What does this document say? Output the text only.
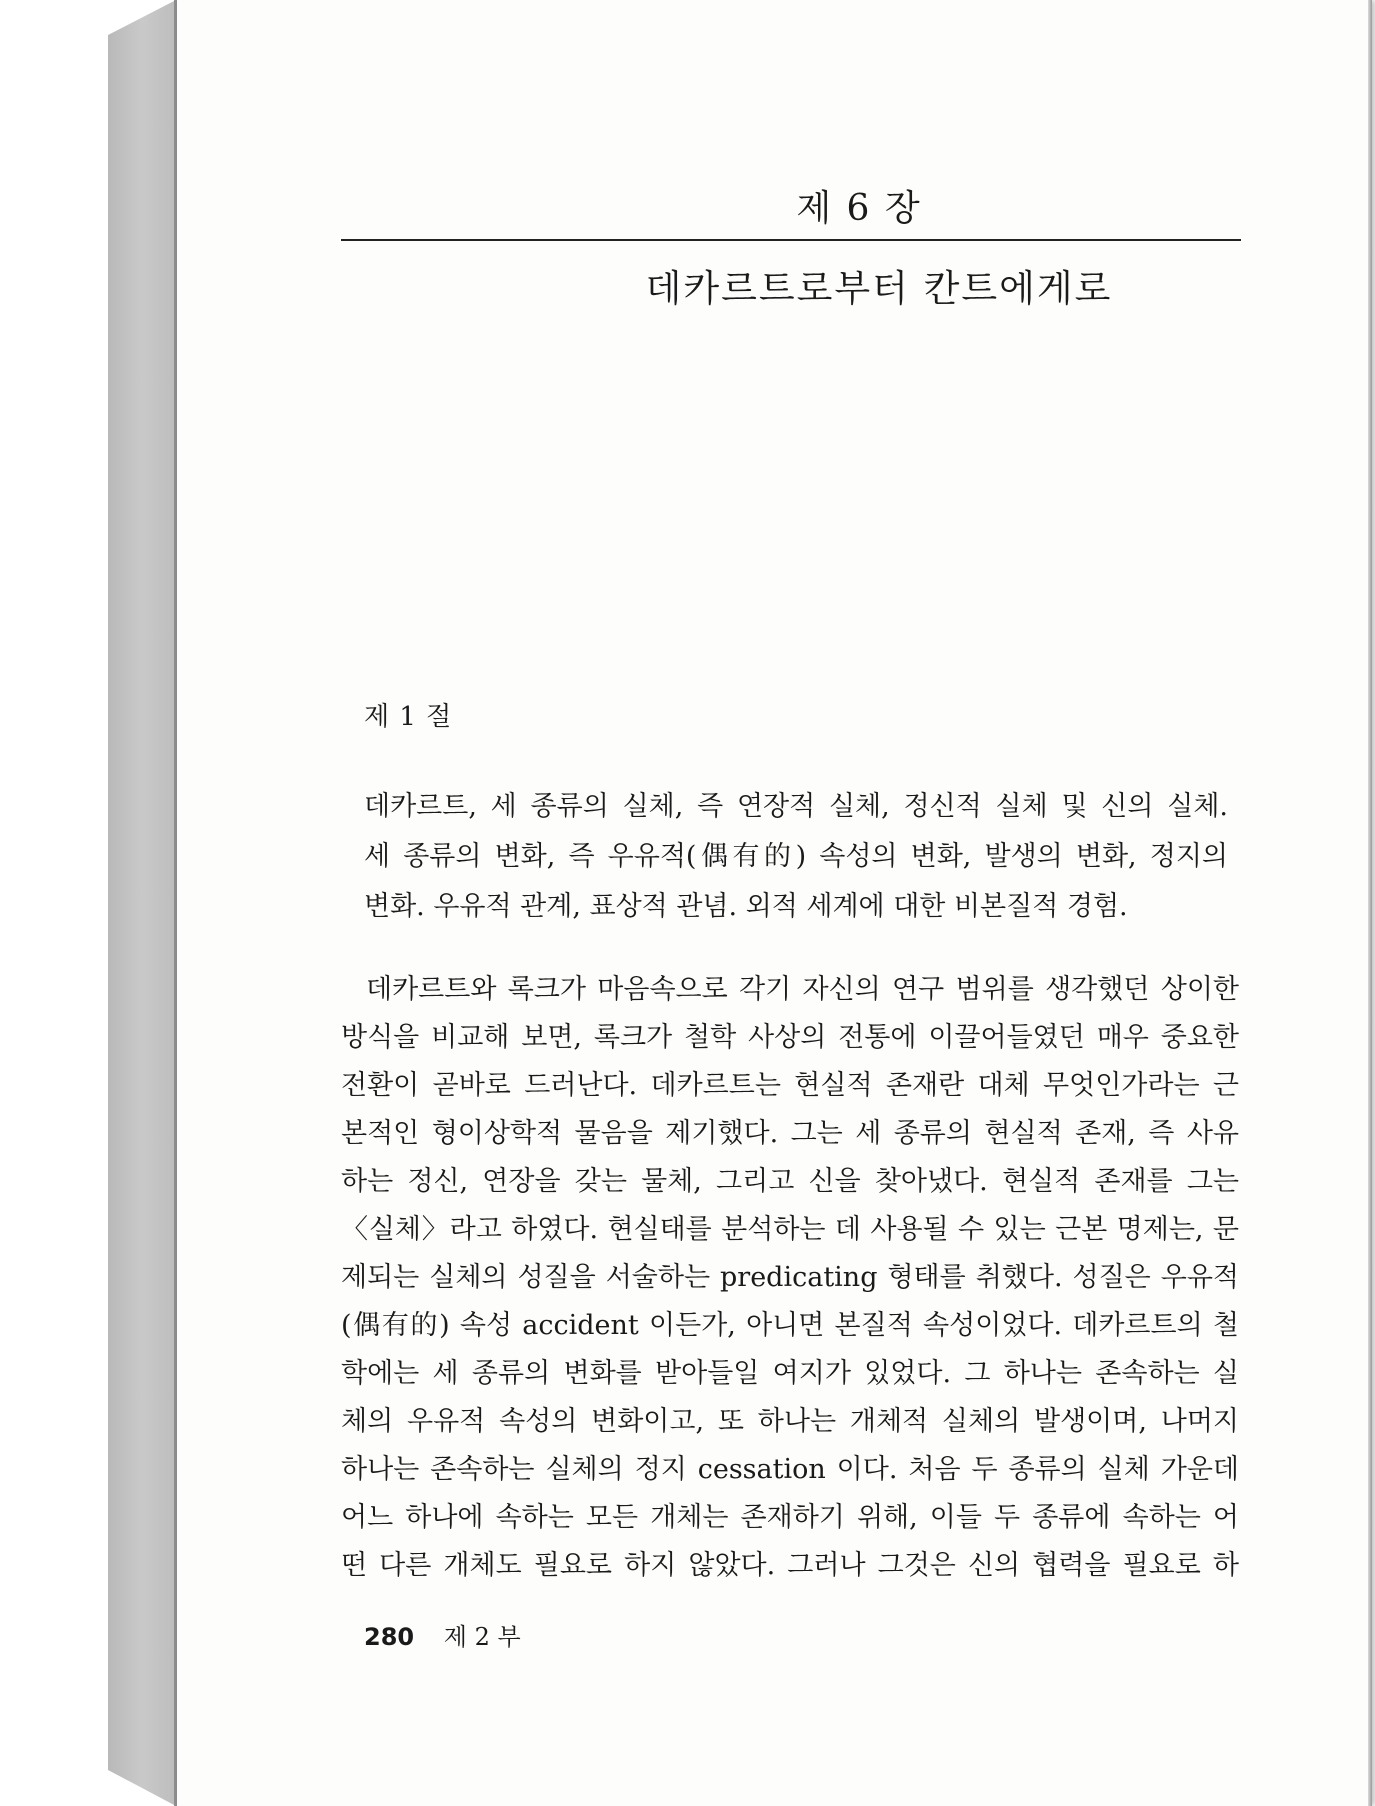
제 6 장
데카르트로부터 칸트에게로
제 1 절
데카르트, 세 종류의 실체, 즉 연장적 실체, 정신적 실체 및 신의 실체.
세 종류의 변화, 즉 우유적(偶有的) 속성의 변화, 발생의 변화, 정지의
변화. 우유적 관계, 표상적 관념. 외적 세계에 대한 비본질적 경험.
데카르트와 록크가 마음속으로 각기 자신의 연구 범위를 생각했던 상이한
방식을 비교해 보면, 록크가 철학 사상의 전통에 이끌어들였던 매우 중요한
전환이 곧바로 드러난다. 데카르트는 현실적 존재란 대체 무엇인가라는 근
본적인 형이상학적 물음을 제기했다. 그는 세 종류의 현실적 존재, 즉 사유
하는 정신, 연장을 갖는 물체, 그리고 신을 찾아냈다. 현실적 존재를 그는
〈실체〉라고 하였다. 현실태를 분석하는 데 사용될 수 있는 근본 명제는, 문
제되는 실체의 성질을 서술하는 predicating 형태를 취했다. 성질은 우유적
(偶有的) 속성 accident 이든가, 아니면 본질적 속성이었다. 데카르트의 철
학에는 세 종류의 변화를 받아들일 여지가 있었다. 그 하나는 존속하는 실
체의 우유적 속성의 변화이고, 또 하나는 개체적 실체의 발생이며, 나머지
하나는 존속하는 실체의 정지 cessation 이다. 처음 두 종류의 실체 가운데
어느 하나에 속하는 모든 개체는 존재하기 위해, 이들 두 종류에 속하는 어
떤 다른 개체도 필요로 하지 않았다. 그러나 그것은 신의 협력을 필요로 하
280 제 2 부
